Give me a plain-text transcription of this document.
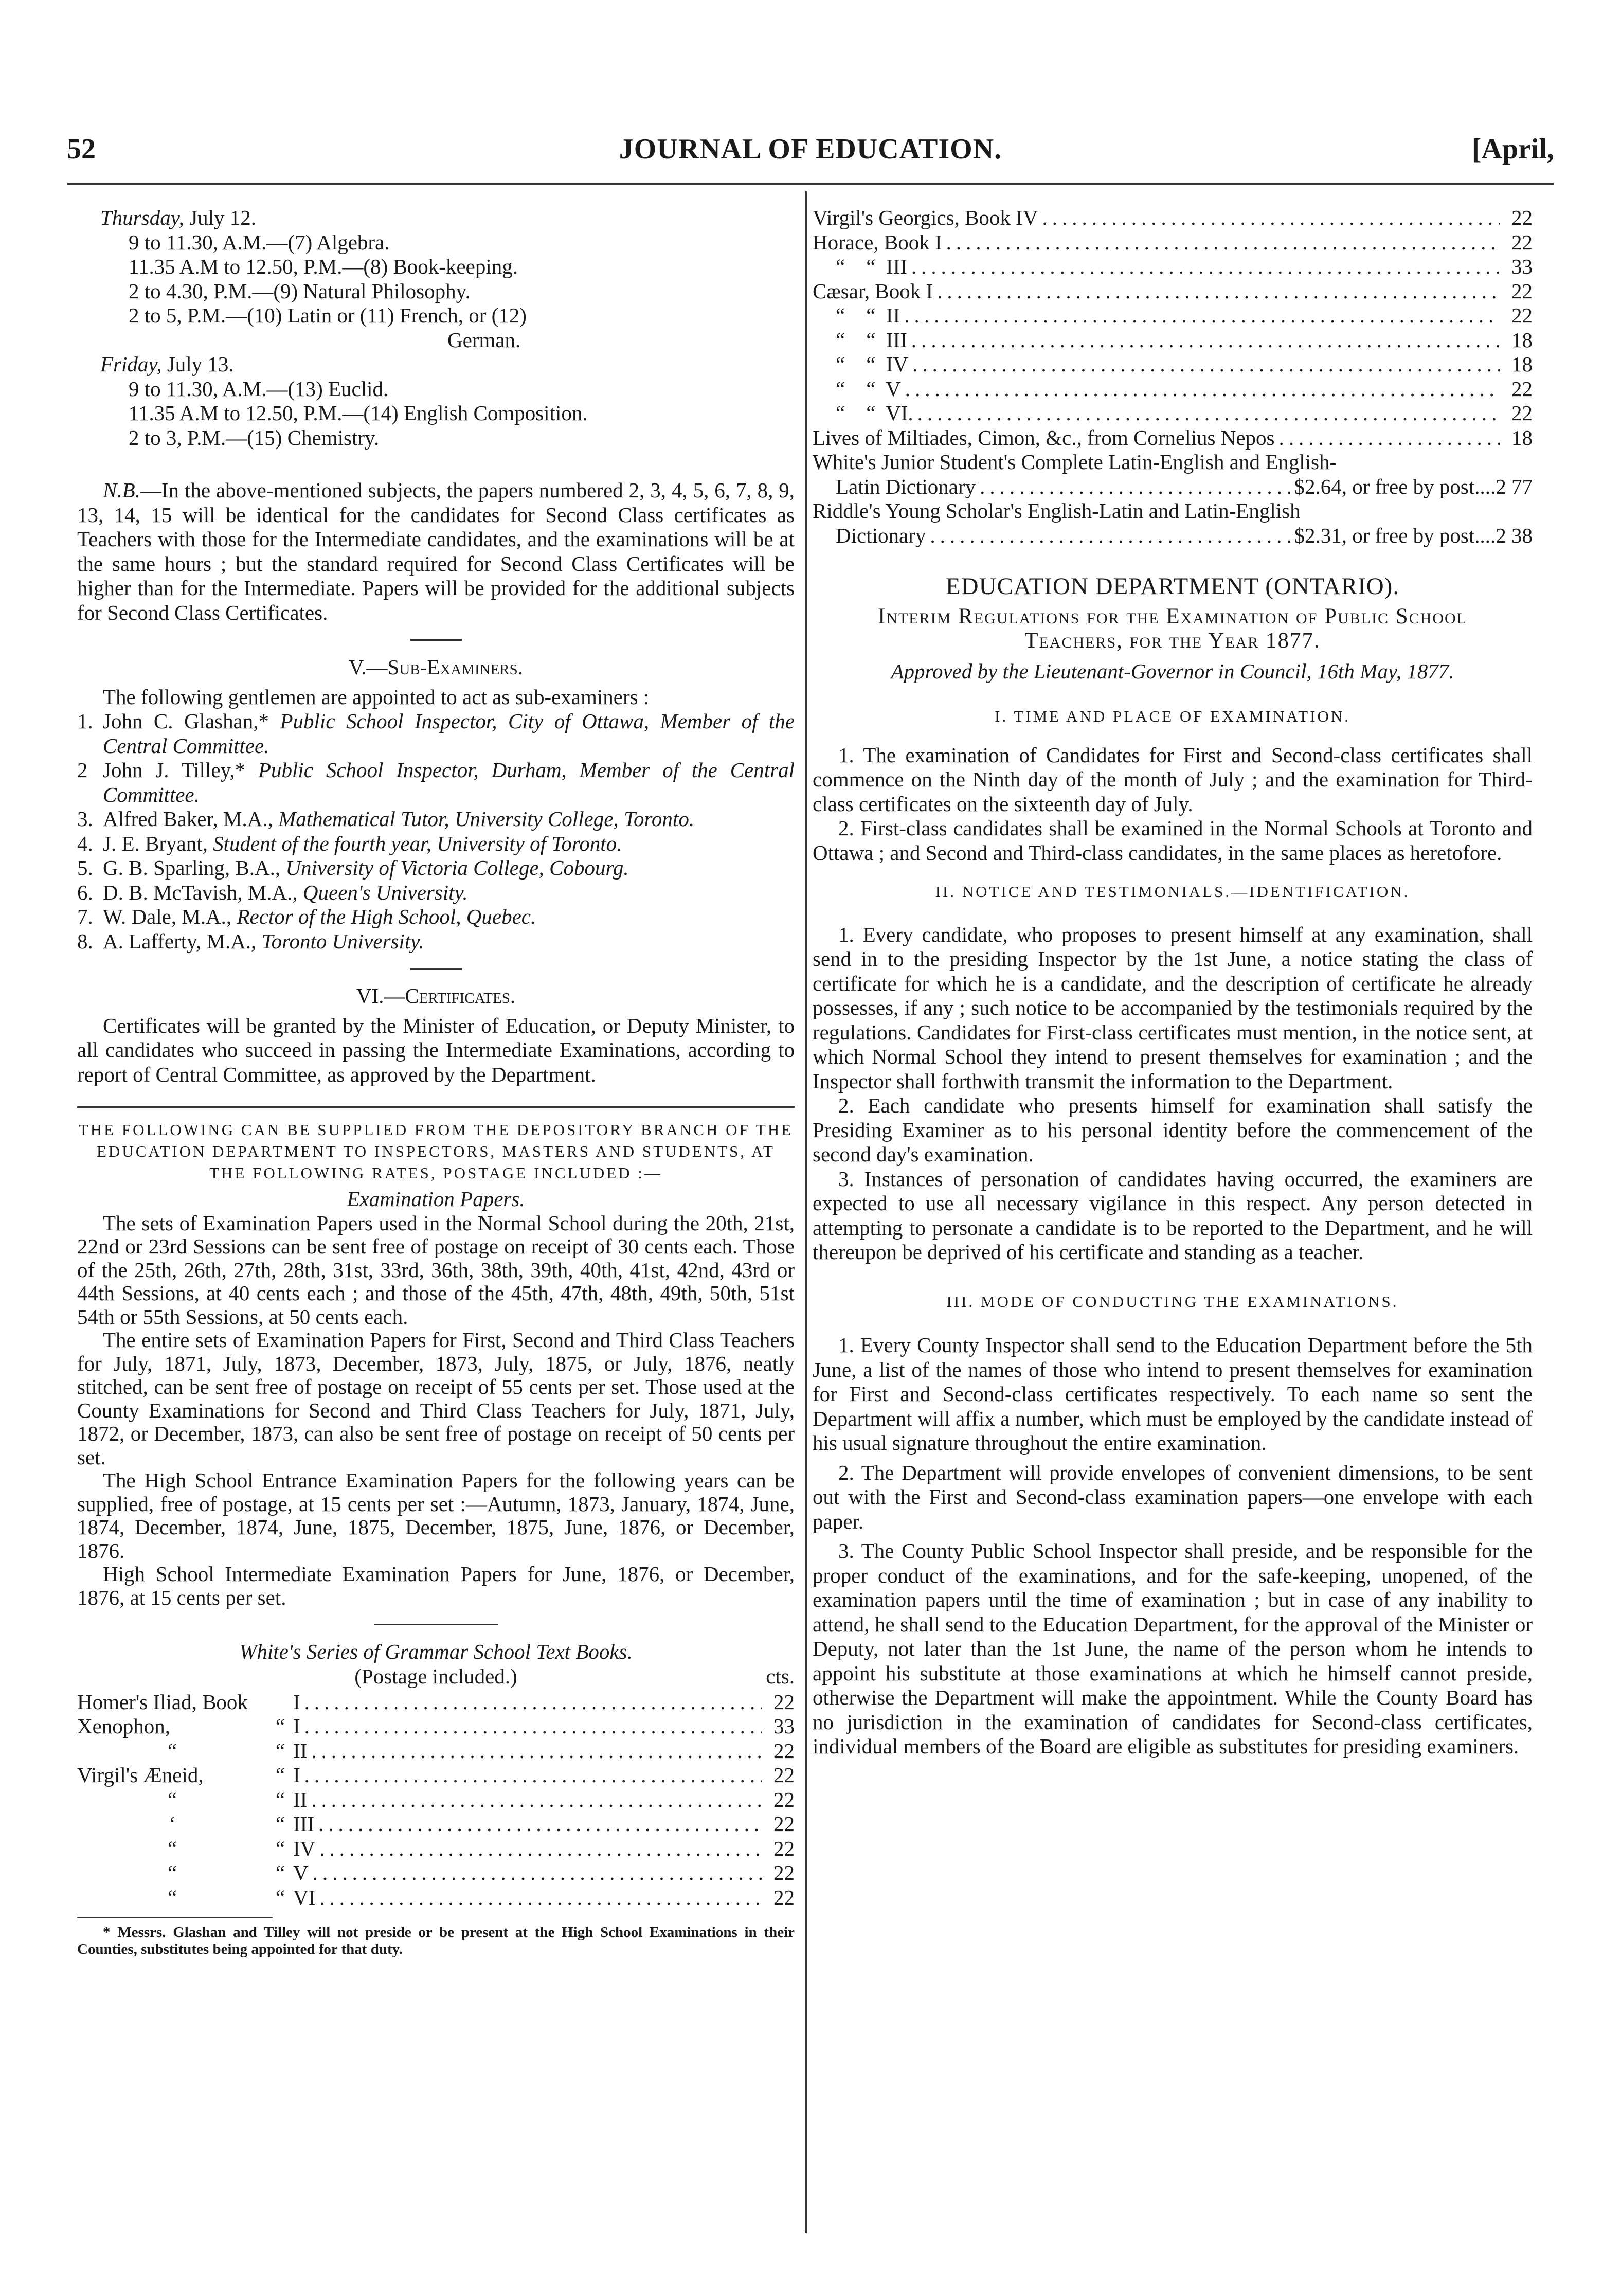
52	JOURNAL OF EDUCATION.	[April,
Thursday, July 12.
9 to 11.30, A.M.—(7) Algebra.
11.35 A.M to 12.50, P.M.—(8) Book-keeping.
2 to 4.30, P.M.—(9) Natural Philosophy.
2 to 5, P.M.—(10) Latin or (11) French, or (12)
German.
Friday, July 13.
9 to 11.30, A.M.—(13) Euclid.
11.35 A.M to 12.50, P.M.—(14) English Composition.
2 to 3, P.M.—(15) Chemistry.

N.B.—In the above-mentioned subjects, the papers numbered 2, 3, 4, 5, 6, 7, 8, 9, 13, 14, 15 will be identical for the candidates for Second Class certificates as Teachers with those for the Intermediate candidates, and the examinations will be at the same hours ; but the standard required for Second Class Certificates will be higher than for the Intermediate. Papers will be provided for the additional subjects for Second Class Certificates.

V.—Sub-Examiners.

The following gentlemen are appointed to act as sub-examiners :

1. John C. Glashan,* Public School Inspector, City of Ottawa, Member of the Central Committee.
2 John J. Tilley,* Public School Inspector, Durham, Member of the Central Committee.
3. Alfred Baker, M.A., Mathematical Tutor, University College, Toronto.
4. J. E. Bryant, Student of the fourth year, University of Toronto.
5. G. B. Sparling, B.A., University of Victoria College, Cobourg.
6. D. B. McTavish, M.A., Queen's University.
7. W. Dale, M.A., Rector of the High School, Quebec.
8. A. Lafferty, M.A., Toronto University.

VI.—Certificates.

Certificates will be granted by the Minister of Education, or Deputy Minister, to all candidates who succeed in passing the Intermediate Examinations, according to report of Central Committee, as approved by the Department.

THE FOLLOWING CAN BE SUPPLIED FROM THE DEPOSITORY BRANCH OF THE EDUCATION DEPARTMENT TO INSPECTORS, MASTERS AND STUDENTS, AT THE FOLLOWING RATES, POSTAGE INCLUDED :—

Examination Papers.

The sets of Examination Papers used in the Normal School during the 20th, 21st, 22nd or 23rd Sessions can be sent free of postage on receipt of 30 cents each. Those of the 25th, 26th, 27th, 28th, 31st, 33rd, 36th, 38th, 39th, 40th, 41st, 42nd, 43rd or 44th Sessions, at 40 cents each ; and those of the 45th, 47th, 48th, 49th, 50th, 51st 54th or 55th Sessions, at 50 cents each.

The entire sets of Examination Papers for First, Second and Third Class Teachers for July, 1871, July, 1873, December, 1873, July, 1875, or July, 1876, neatly stitched, can be sent free of postage on receipt of 55 cents per set. Those used at the County Examinations for Second and Third Class Teachers for July, 1871, July, 1872, or December, 1873, can also be sent free of postage on receipt of 50 cents per set.

The High School Entrance Examination Papers for the following years can be supplied, free of postage, at 15 cents per set :—Autumn, 1873, January, 1874, June, 1874, December, 1874, June, 1875, December, 1875, June, 1876, or December, 1876.

High School Intermediate Examination Papers for June, 1876, or December, 1876, at 15 cents per set.

White's Series of Grammar School Text Books.

(Postage included.)	cts.
Homer's Iliad, Book I .....	22
Xenophon,	“ I .....	33
“	“ II .....	22
Virgil's Æneid,	“ I .....	22
“	“ II .....	22
‘	“ III .....	22
“	“ IV .....	22
“	“ V .....	22
“	“ VI .....	22

* Messrs. Glashan and Tilley will not preside or be present at the High School Examinations in their Counties, substitutes being appointed for that duty.

Virgil's Georgics, Book IV .....	22
Horace, Book I .....	22
“    “  III .....	33
Cæsar, Book I .....	22
“    “  II .....	22
“    “  III .....	18
“    “  IV .....	18
“    “  V .....	22
“    “  VI. .....	22
Lives of Miltiades, Cimon, &c., from Cornelius Nepos .....	18

White's Junior Student's Complete Latin-English and English-

Latin Dictionary .....	$2.64, or free by post....2 77

Riddle's Young Scholar's English-Latin and Latin-English

Dictionary .....	$2.31, or free by post....2 38

EDUCATION DEPARTMENT (ONTARIO).

Interim Regulations for the Examination of Public School Teachers, for the Year 1877.

Approved by the Lieutenant-Governor in Council, 16th May, 1877.

I. TIME AND PLACE OF EXAMINATION.

1. The examination of Candidates for First and Second-class certificates shall commence on the Ninth day of the month of July ; and the examination for Third-class certificates on the sixteenth day of July.

2. First-class candidates shall be examined in the Normal Schools at Toronto and Ottawa ; and Second and Third-class candidates, in the same places as heretofore.

II. NOTICE AND TESTIMONIALS.—IDENTIFICATION.

1. Every candidate, who proposes to present himself at any examination, shall send in to the presiding Inspector by the 1st June, a notice stating the class of certificate for which he is a candidate, and the description of certificate he already possesses, if any ; such notice to be accompanied by the testimonials required by the regulations. Candidates for First-class certificates must mention, in the notice sent, at which Normal School they intend to present themselves for examination ; and the Inspector shall forthwith transmit the information to the Department.

2. Each candidate who presents himself for examination shall satisfy the Presiding Examiner as to his personal identity before the commencement of the second day's examination.

3. Instances of personation of candidates having occurred, the examiners are expected to use all necessary vigilance in this respect. Any person detected in attempting to personate a candidate is to be reported to the Department, and he will thereupon be deprived of his certificate and standing as a teacher.

III. MODE OF CONDUCTING THE EXAMINATIONS.

1. Every County Inspector shall send to the Education Department before the 5th June, a list of the names of those who intend to present themselves for examination for First and Second-class certificates respectively. To each name so sent the Department will affix a number, which must be employed by the candidate instead of his usual signature throughout the entire examination.

2. The Department will provide envelopes of convenient dimensions, to be sent out with the First and Second-class examination papers—one envelope with each paper.

3. The County Public School Inspector shall preside, and be responsible for the proper conduct of the examinations, and for the safe-keeping, unopened, of the examination papers until the time of examination ; but in case of any inability to attend, he shall send to the Education Department, for the approval of the Minister or Deputy, not later than the 1st June, the name of the person whom he intends to appoint his substitute at those examinations at which he himself cannot preside, otherwise the Department will make the appointment. While the County Board has no jurisdiction in the examination of candidates for Second-class certificates, individual members of the Board are eligible as substitutes for presiding examiners.
